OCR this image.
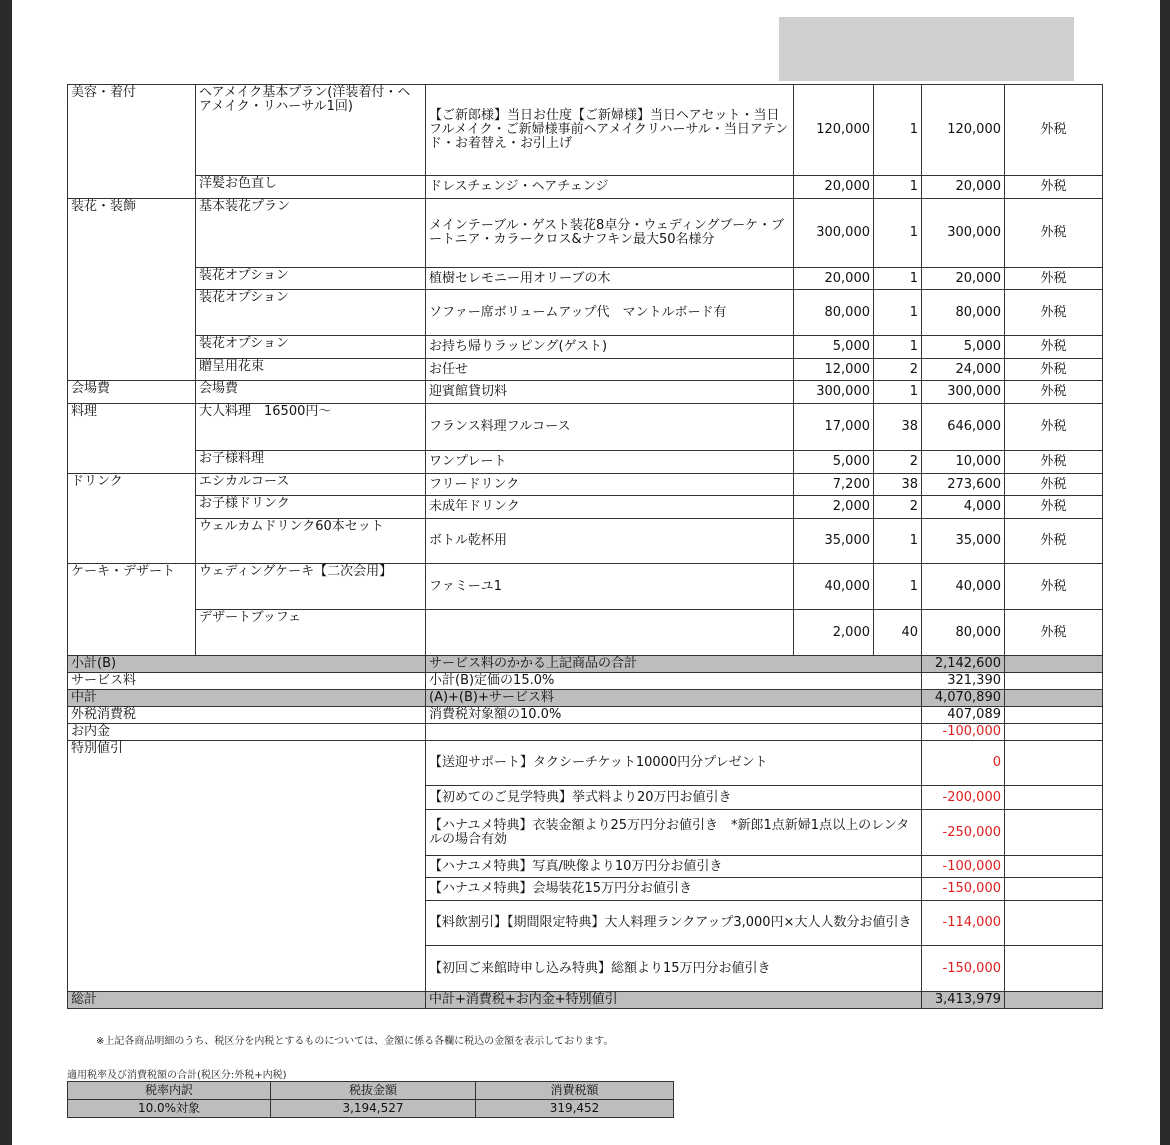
美容・着付	ヘアメイク基本プラン(洋装着付・ヘアメイク・リハーサル1回)	【ご新郎様】当日お仕度【ご新婦様】当日ヘアセット・当日フルメイク・ご新婦様事前ヘアメイクリハーサル・当日アテンド・お着替え・お引上げ	120,000	1	120,000	外税
	洋髪お色直し	ドレスチェンジ・ヘアチェンジ	20,000	1	20,000	外税
装花・装飾	基本装花プラン	メインテーブル・ゲスト装花8卓分・ウェディングブーケ・ブートニア・カラークロス&ナフキン最大50名様分	300,000	1	300,000	外税
	装花オプション	植樹セレモニー用オリーブの木	20,000	1	20,000	外税
	装花オプション	ソファー席ボリュームアップ代　マントルボード有	80,000	1	80,000	外税
	装花オプション	お持ち帰りラッピング(ゲスト)	5,000	1	5,000	外税
	贈呈用花束	お任せ	12,000	2	24,000	外税
会場費	会場費	迎賓館貸切料	300,000	1	300,000	外税
料理	大人料理　16500円～	フランス料理フルコース	17,000	38	646,000	外税
	お子様料理	ワンプレート	5,000	2	10,000	外税
ドリンク	エシカルコース	フリードリンク	7,200	38	273,600	外税
	お子様ドリンク	未成年ドリンク	2,000	2	4,000	外税
	ウェルカムドリンク60本セット	ボトル乾杯用	35,000	1	35,000	外税
ケーキ・デザート	ウェディングケーキ【二次会用】	ファミーユ1	40,000	1	40,000	外税
	デザートブッフェ		2,000	40	80,000	外税
小計(B)		サービス料のかかる上記商品の合計			2,142,600	
サービス料		小計(B)定価の15.0%			321,390	
中計		(A)+(B)+サービス料			4,070,890	
外税消費税		消費税対象額の10.0%			407,089	
お内金					-100,000	
特別値引		【送迎サポート】タクシーチケット10000円分プレゼント			0	
		【初めてのご見学特典】挙式料より20万円お値引き			-200,000	
		【ハナユメ特典】衣装金額より25万円分お値引き　*新郎1点新婦1点以上のレンタルの場合有効			-250,000	
		【ハナユメ特典】写真/映像より10万円分お値引き			-100,000	
		【ハナユメ特典】会場装花15万円分お値引き			-150,000	
		【料飲割引】【期間限定特典】大人料理ランクアップ3,000円×大人人数分お値引き			-114,000	
		【初回ご来館時申し込み特典】総額より15万円分お値引き			-150,000	
総計		中計+消費税+お内金+特別値引			3,413,979	
※上記各商品明細のうち、税区分を内税とするものについては、金額に係る各欄に税込の金額を表示しております。
適用税率及び消費税額の合計(税区分:外税+内税)
税率内訳	税抜金額	消費税額
10.0%対象	3,194,527	319,452
